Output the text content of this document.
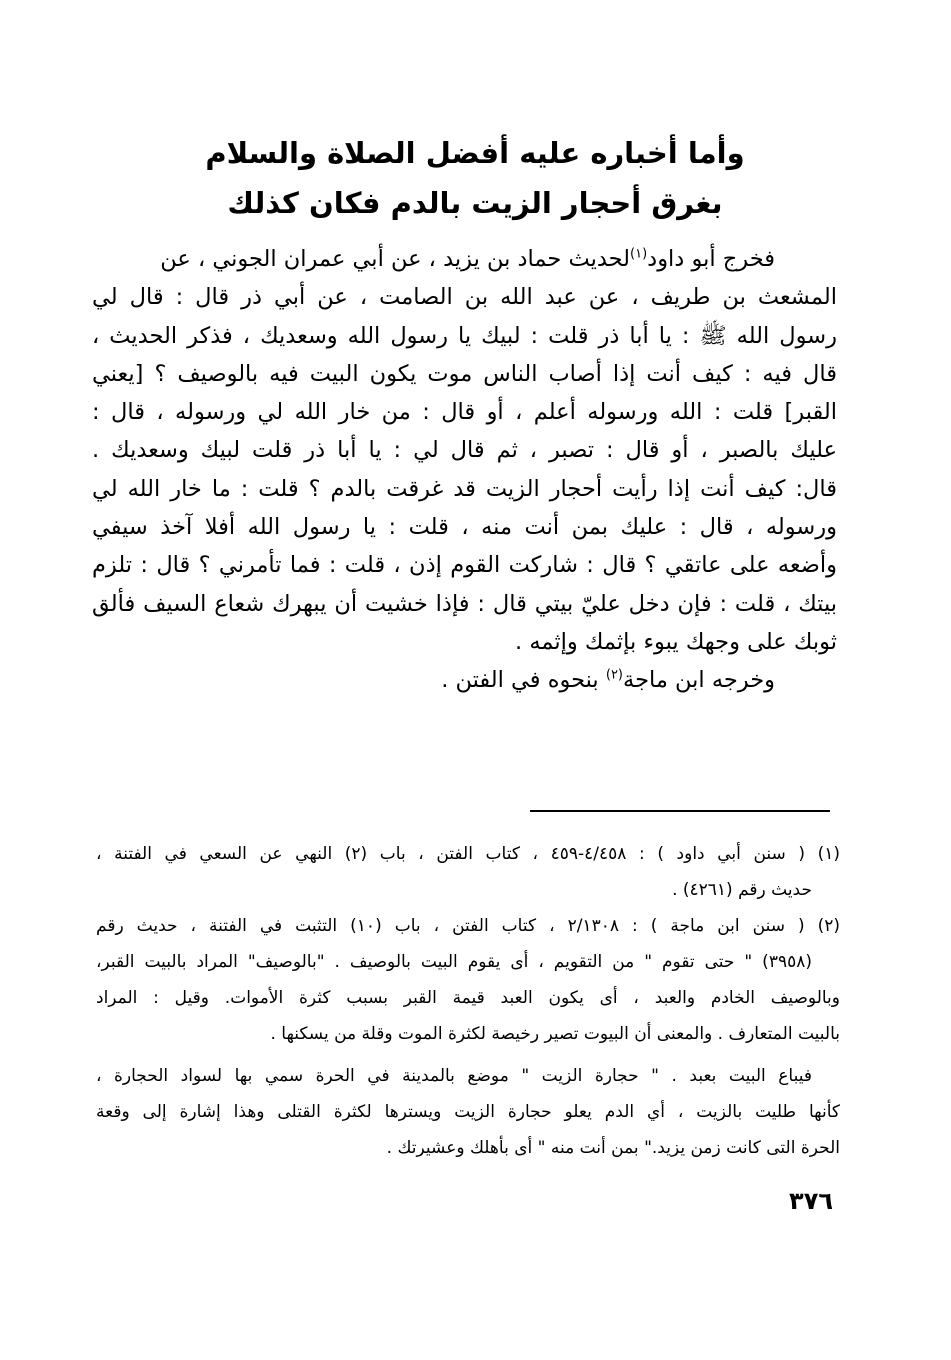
وأما أخباره عليه أفضل الصلاة والسلام
بغرق أحجار الزيت بالدم فكان كذلك
فخرج أبو داود$^{(١)}$لحديث حماد بن يزيد ، عن أبي عمران الجوني ، عن
المشعث بن طريف ، عن عبد الله بن الصامت ، عن أبي ذر قال : قال لي
رسول الله ﷺ : يا أبا ذر قلت : لبيك يا رسول الله وسعديك ، فذكر الحديث ،
قال فيه : كيف أنت إذا أصاب الناس موت يكون البيت فيه بالوصيف ؟ [يعني
القبر] قلت : الله ورسوله أعلم ، أو قال : من خار الله لي ورسوله ، قال :
عليك بالصبر ، أو قال : تصبر ، ثم قال لي : يا أبا ذر قلت لبيك وسعديك .
قال: كيف أنت إذا رأيت أحجار الزيت قد غرقت بالدم ؟ قلت : ما خار الله لي
ورسوله ، قال : عليك بمن أنت منه ، قلت : يا رسول الله أفلا آخذ سيفي
وأضعه على عاتقي ؟ قال : شاركت القوم إذن ، قلت : فما تأمرني ؟ قال : تلزم
بيتك ، قلت : فإن دخل عليّ بيتي قال : فإذا خشيت أن يبهرك شعاع السيف فألق
ثوبك على وجهك يبوء بإثمك وإثمه .
وخرجه ابن ماجة$^{(٢)}$ بنحوه في الفتن .
(١) ( سنن أبي داود ) : ٤/٤٥٨-٤٥٩ ، كتاب الفتن ، باب (٢) النهي عن السعي في الفتنة ،
حديث رقم (٤٢٦١) .
(٢) ( سنن ابن ماجة ) : ٢/١٣٠٨ ، كتاب الفتن ، باب (١٠) التثبت في الفتنة ، حديث رقم
(٣٩٥٨) " حتى تقوم " من التقويم ، أى يقوم البيت بالوصيف . "بالوصيف" المراد بالبيت القبر،
وبالوصيف الخادم والعبد ، أى يكون العبد قيمة القبر بسبب كثرة الأموات. وقيل : المراد
بالبيت المتعارف . والمعنى أن البيوت تصير رخيصة لكثرة الموت وقلة من يسكنها .
فيباع البيت بعبد . " حجارة الزيت " موضع بالمدينة في الحرة سمي بها لسواد الحجارة ،
كأنها طليت بالزيت ، أي الدم يعلو حجارة الزيت ويسترها لكثرة القتلى وهذا إشارة إلى وقعة
الحرة التى كانت زمن يزيد." بمن أنت منه " أى بأهلك وعشيرتك .
٣٧٦
